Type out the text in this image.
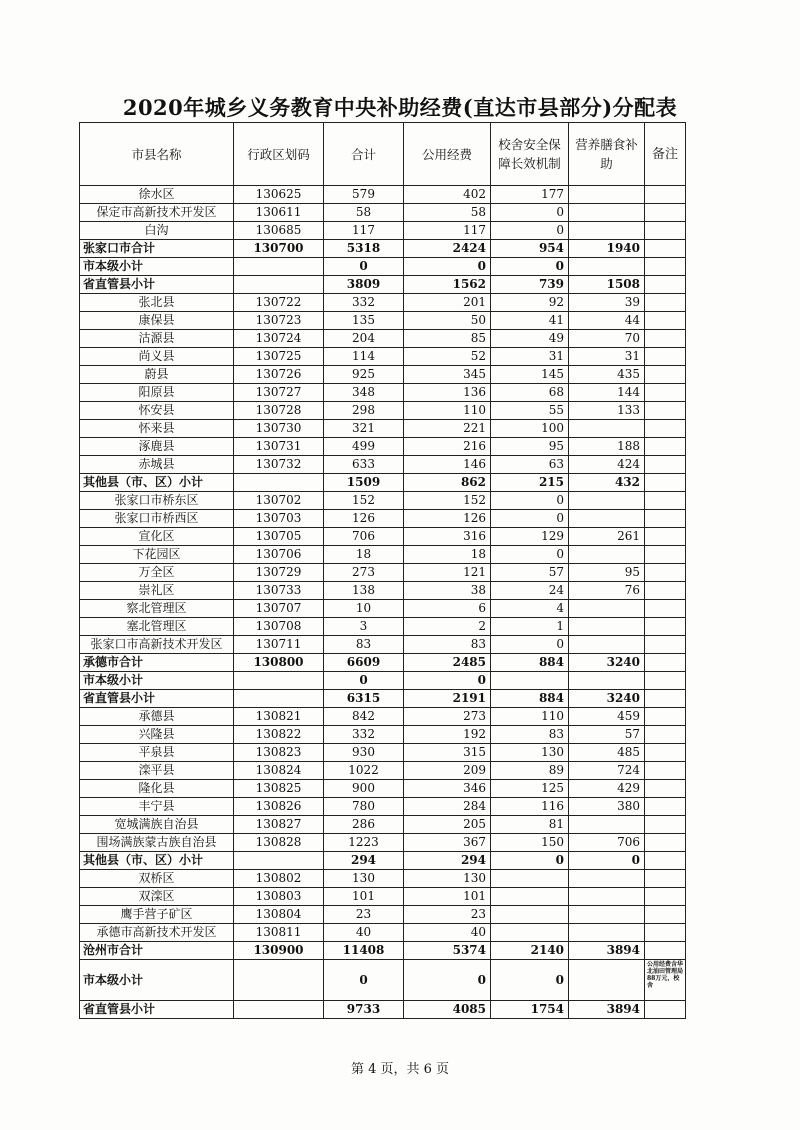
2020年城乡义务教育中央补助经费(直达市县部分)分配表
市县名称	行政区划码	合计	公用经费	校舍安全保障长效机制	营养膳食补助	备注
徐水区	130625	579	402	177		
保定市高新技术开发区	130611	58	58	0		
白沟	130685	117	117	0		
张家口市合计	130700	5318	2424	954	1940	
市本级小计		0	0	0		
省直管县小计		3809	1562	739	1508	
张北县	130722	332	201	92	39	
康保县	130723	135	50	41	44	
沽源县	130724	204	85	49	70	
尚义县	130725	114	52	31	31	
蔚县	130726	925	345	145	435	
阳原县	130727	348	136	68	144	
怀安县	130728	298	110	55	133	
怀来县	130730	321	221	100		
涿鹿县	130731	499	216	95	188	
赤城县	130732	633	146	63	424	
其他县（市、区）小计		1509	862	215	432	
张家口市桥东区	130702	152	152	0		
张家口市桥西区	130703	126	126	0		
宣化区	130705	706	316	129	261	
下花园区	130706	18	18	0		
万全区	130729	273	121	57	95	
崇礼区	130733	138	38	24	76	
察北管理区	130707	10	6	4		
塞北管理区	130708	3	2	1		
张家口市高新技术开发区	130711	83	83	0		
承德市合计	130800	6609	2485	884	3240	
市本级小计		0	0			
省直管县小计		6315	2191	884	3240	
承德县	130821	842	273	110	459	
兴隆县	130822	332	192	83	57	
平泉县	130823	930	315	130	485	
滦平县	130824	1022	209	89	724	
隆化县	130825	900	346	125	429	
丰宁县	130826	780	284	116	380	
宽城满族自治县	130827	286	205	81		
围场满族蒙古族自治县	130828	1223	367	150	706	
其他县（市、区）小计		294	294	0	0	
双桥区	130802	130	130			
双滦区	130803	101	101			
鹰手营子矿区	130804	23	23			
承德市高新技术开发区	130811	40	40			
沧州市合计	130900	11408	5374	2140	3894	
市本级小计		0	0	0		公用经费含华北油田管理局88万元，校舍
省直管县小计		9733	4085	1754	3894	
第 4 页，共 6 页
